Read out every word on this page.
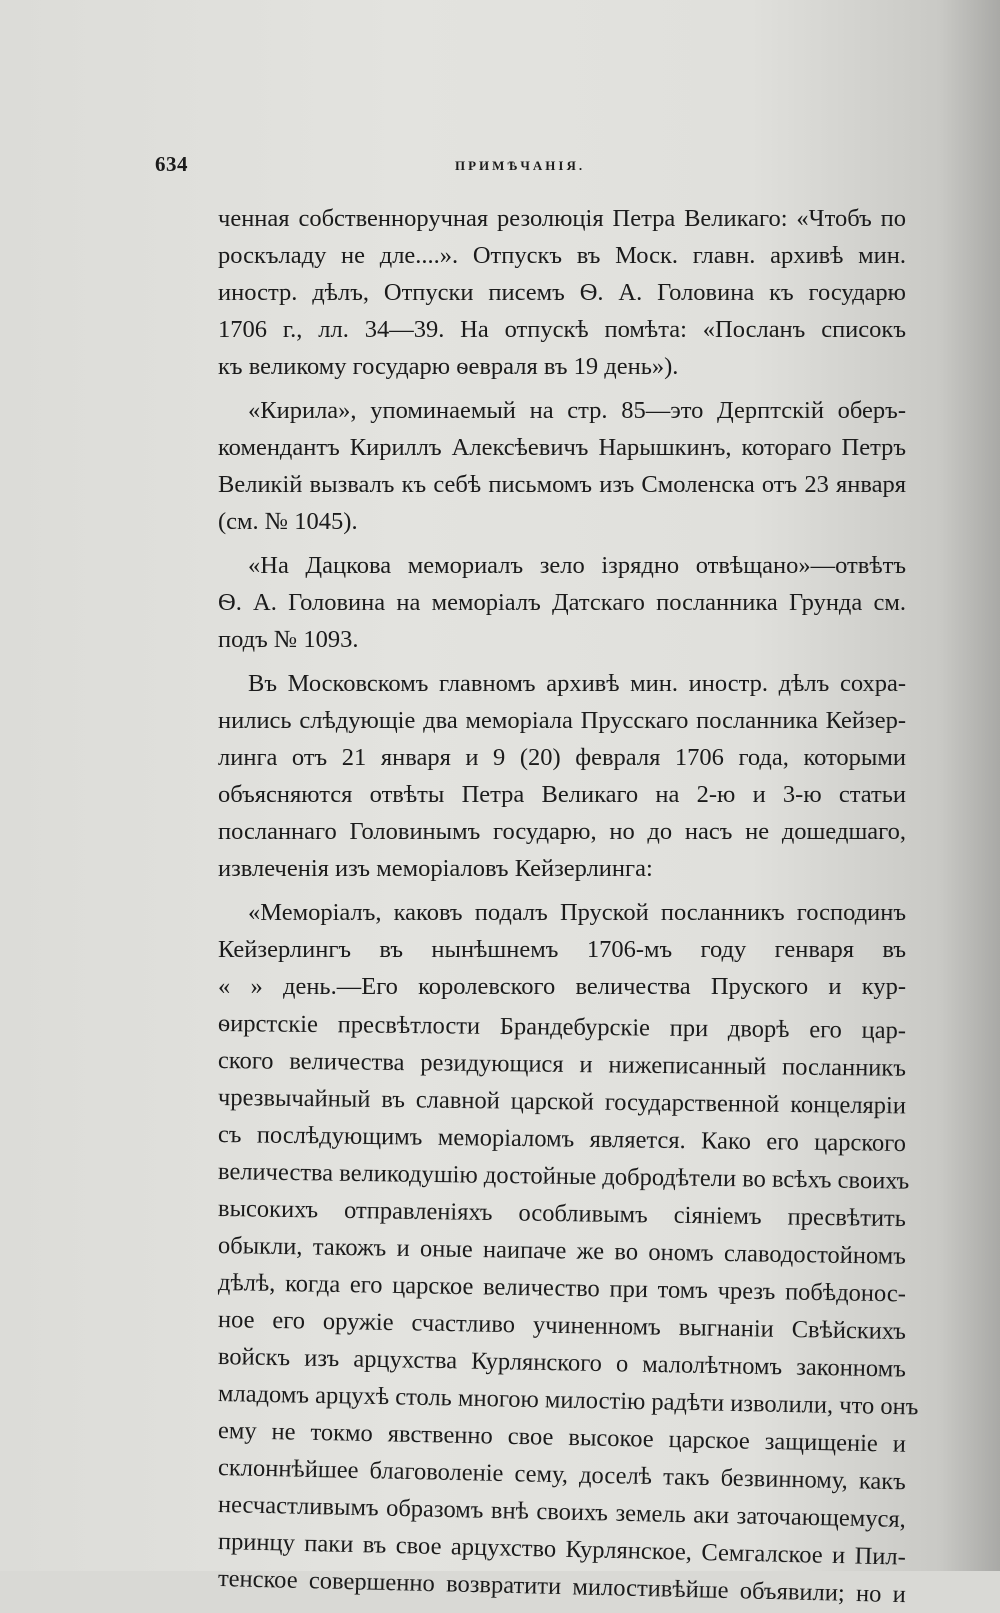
634	ПРИМѢЧАНІЯ.
ченная собственноручная резолюція Петра Великаго: «Чтобъ по
роскъладу не дле....». Отпускъ въ Моск. главн. архивѣ мин.
иностр. дѣлъ, Отпуски писемъ Ѳ. А. Головина къ государю
1706 г., лл. 34—39. На отпускѣ помѣта: «Посланъ списокъ
къ великому государю ѳевраля въ 19 день»).
«Кирила», упоминаемый на стр. 85—это Дерптскій оберъ-
комендантъ Кириллъ Алексѣевичъ Нарышкинъ, котораго Петръ
Великій вызвалъ къ себѣ письмомъ изъ Смоленска отъ 23 января
(см. № 1045).
«На Дацкова мемориалъ зело ізрядно отвѣщано»—отвѣтъ
Ѳ. А. Головина на меморіалъ Датскаго посланника Грунда см.
подъ № 1093.
Въ Московскомъ главномъ архивѣ мин. иностр. дѣлъ сохра-
нились слѣдующіе два меморіала Прусскаго посланника Кейзер-
линга отъ 21 января и 9 (20) февраля 1706 года, которыми
объясняются отвѣты Петра Великаго на 2-ю и 3-ю статьи
посланнаго Головинымъ государю, но до насъ не дошедшаго,
извлеченія изъ меморіаловъ Кейзерлинга:
«Меморіалъ, каковъ подалъ Пруской посланникъ господинъ
Кейзерлингъ въ нынѣшнемъ 1706-мъ году генваря въ
« » день.—Его королевского величества Пруского и кур-
ѳирстскіе пресвѣтлости Брандебурскіе при дворѣ его цар-
ского величества резидующися и нижеписанный посланникъ
чрезвычайный въ славной царской государственной концеляріи
съ послѣдующимъ меморіаломъ является. Како его царского
величества великодушію достойные добродѣтели во всѣхъ своихъ
высокихъ отправленіяхъ особливымъ сіяніемъ пресвѣтить
обыкли, такожъ и оные наипаче же во ономъ славодостойномъ
дѣлѣ, когда его царское величество при томъ чрезъ побѣдонос-
ное его оружіе счастливо учиненномъ выгнаніи Свѣйскихъ
войскъ изъ арцухства Курлянского о малолѣтномъ законномъ
младомъ арцухѣ столь многою милостію радѣти изволили, что онъ
ему не токмо явственно свое высокое царское защищеніе и
склоннѣйшее благоволеніе сему, доселѣ такъ безвинному, какъ
несчастливымъ образомъ внѣ своихъ земель аки заточающемуся,
принцу паки въ свое арцухство Курлянское, Семгалское и Пил-
тенское совершенно возвратити милостивѣйше объявили; но и
